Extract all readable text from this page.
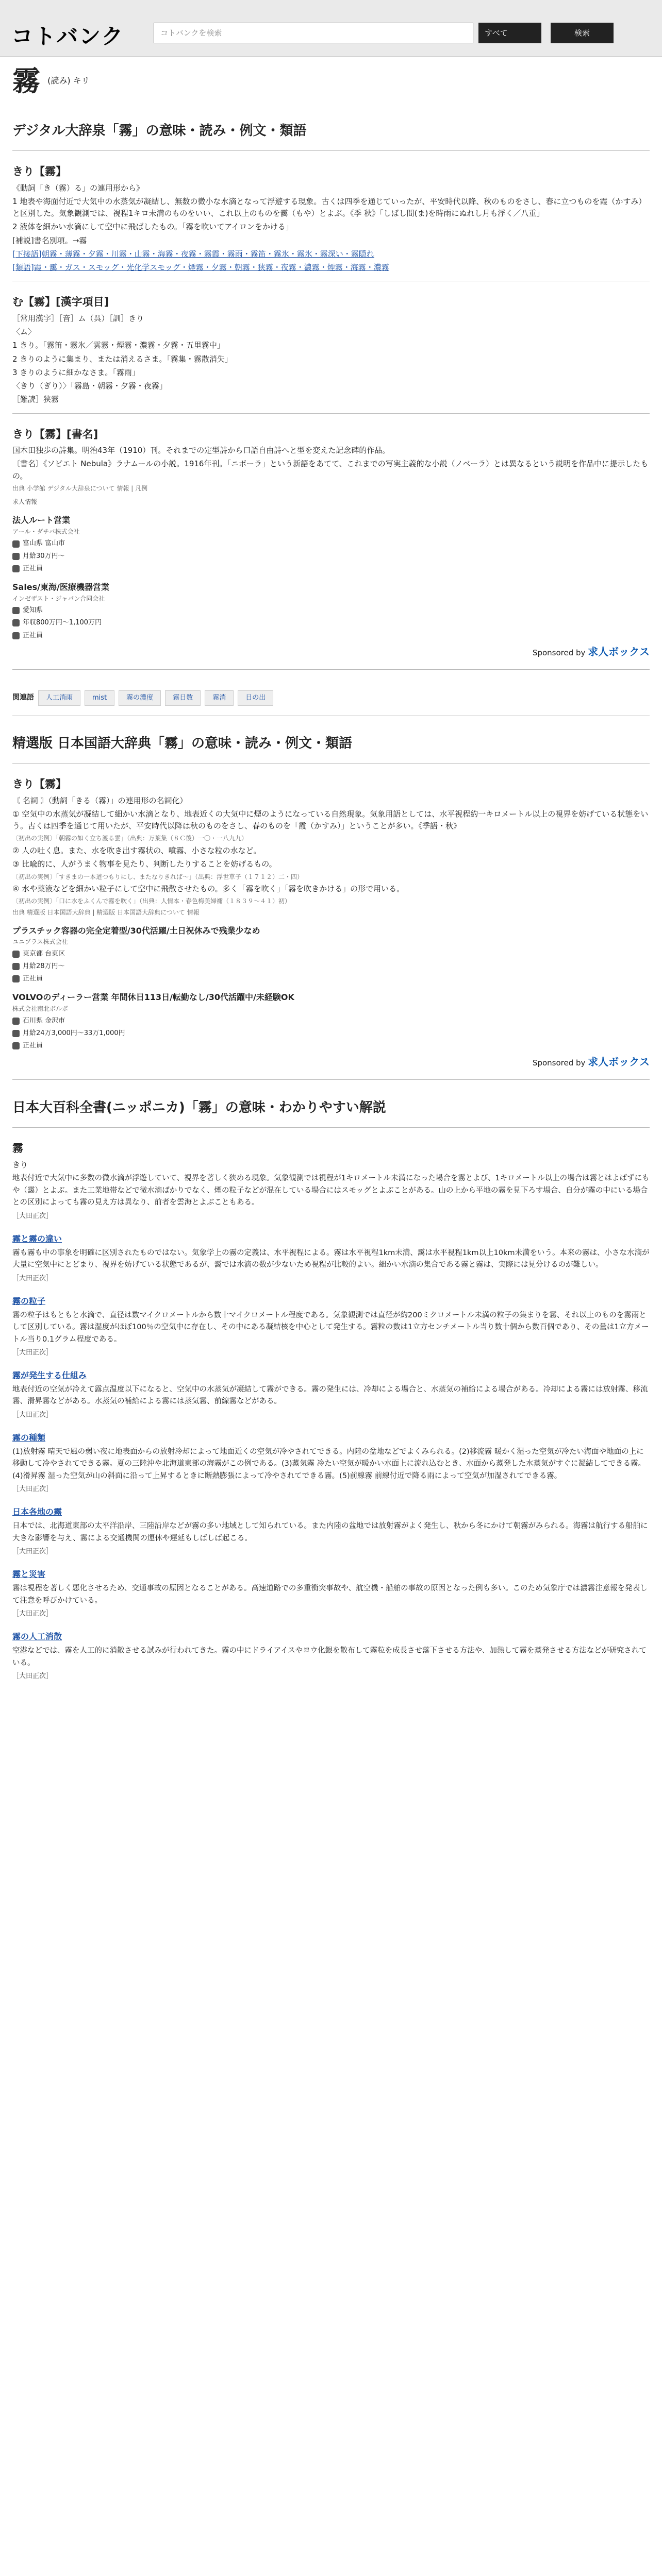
コトバンク	コトバンクを検索	すべて	検索
霧 (読み) キリ
デジタル大辞泉「霧」の意味・読み・例文・類語
きり【霧】

《動詞「き（霧）る」の連用形から》

1 地表や海面付近で大気中の水蒸気が凝結し、無数の微小な水滴となって浮遊する現象。古くは四季を通じていったが、平安時代以降、秋のものをさし、春に立つものを霞（かすみ）と区別した。気象観測では、視程1キロ未満のものをいい、これ以上のものを靄（もや）とよぶ。《季 秋》「しばし間(ま)を時雨にぬれし月も浮く／八重」

2 液体を細かい水滴にして空中に飛ばしたもの。「霧を吹いてアイロンをかける」

[補説]書名別項。→霧

[下接語]朝霧・薄霧・夕霧・川霧・山霧・海霧・夜霧・霧霞・霧雨・霧笛・霧氷・霧氷・霧深い・霧隠れ

[類語]霞・靄・ガス・スモッグ・光化学スモッグ・煙霧・夕霧・朝霧・狭霧・夜霧・濃霧・煙霧・海霧・濃霧

む【霧】[漢字項目]

［常用漢字］［音］ム（呉）［訓］きり

〈ム〉

1 きり。「霧笛・霧氷／雲霧・煙霧・濃霧・夕霧・五里霧中」

2 きりのように集まり、または消えるさま。「霧集・霧散消失」

3 きりのように細かなさま。「霧雨」

〈きり（ぎり）〉「霧島・朝霧・夕霧・夜霧」

［難読］狭霧

きり【霧】[書名]

国木田独歩の詩集。明治43年（1910）刊。それまでの定型詩から口語自由詩へと型を変えた記念碑的作品。

〔書名〕《ソビエト Nebula》ラナムールの小説。1916年刊。「ニボーラ」という新語をあてて、これまでの写実主義的な小説（ノベーラ）とは異なるという説明を作品中に提示したもの。

出典 小学館 デジタル大辞泉について 情報 | 凡例

求人情報
法人ルート営業
アール・ダチバ株式会社
富山県 富山市
月給30万円〜
正社員
Sales/東海/医療機器営業
インゼザスト・ジャパン合同会社
愛知県
年収800万円〜1,100万円
正社員
Sponsored by 求人ボックス
関連語	人工消雨	mist	霧の濃度	霧日数	霧消	日の出
精選版 日本国語大辞典「霧」の意味・読み・例文・類語
きり【霧】

〘 名詞 〙（動詞「きる（霧）」の連用形の名詞化）

① 空気中の水蒸気が凝結して細かい水滴となり、地表近くの大気中に煙のようになっている自然現象。気象用語としては、水平視程約一キロメートル以上の視界を妨げている状態をいう。古くは四季を通じて用いたが、平安時代以降は秋のものをさし、春のものを「霞（かすみ）」ということが多い。《季語・秋》

〔初出の実例〕「朝霧の如く立ち渡る雲」（出典：万葉集（８Ｃ後）一〇・一八九九）

② 人の吐く息。また、水を吹き出す霧状の、噴霧、小さな粒の水など。

③ 比喩的に、人がうまく物事を見たり、判断したりすることを妨げるもの。

〔初出の実例〕「すきまの一本道つもりにし、またなりきれば〜」（出典：浮世草子（１７１２）二・四）

④ 水や薬液などを細かい粒子にして空中に飛散させたもの。多く「霧を吹く」「霧を吹きかける」の形で用いる。

〔初出の実例〕「口に水をふくんで霧を吹く」（出典：人情本・春色梅美婦禰（１８３９〜４１）初）

出典 精選版 日本国語大辞典 | 精選版 日本国語大辞典について 情報

プラスチック容器の完全定着型/30代活躍/土日祝休みで残業少なめ
ユニプラス株式会社
東京都 台東区
月給28万円〜
正社員
VOLVOのディーラー営業 年間休日113日/転勤なし/30代活躍中/未経験OK
株式会社南北ボルボ
石川県 金沢市
月給24万3,000円〜33万1,000円
正社員
Sponsored by 求人ボックス
日本大百科全書(ニッポニカ)「霧」の意味・わかりやすい解説
霧

きり

地表付近で大気中に多数の微水滴が浮遊していて、視界を著しく狭める現象。気象観測では視程が1キロメートル未満になった場合を霧とよび、1キロメートル以上の場合は霧とはよばずにもや（靄）とよぶ。また工業地帯などで微水滴ばかりでなく、煙の粒子などが混在している場合にはスモッグとよぶことがある。山の上から平地の霧を見下ろす場合、自分が霧の中にいる場合との区別によっても霧の見え方は異なり、前者を雲海とよぶこともある。

［大田正次］

霧と霧の違い

霧も霧も中の事象を明確に区別されたものではない。気象学上の霧の定義は、水平視程による。霧は水平視程1km未満、靄は水平視程1km以上10km未満をいう。本来の霧は、小さな水滴が大量に空気中にとどまり、視界を妨げている状態であるが、靄では水滴の数が少ないため視程が比較的よい。細かい水滴の集合である霧と霧は、実際には見分けるのが難しい。

［大田正次］

霧の粒子

霧の粒子はもともと水滴で、直径は数マイクロメートルから数十マイクロメートル程度である。気象観測では直径が約200ミクロメートル未満の粒子の集まりを霧、それ以上のものを霧雨として区別している。霧は湿度がほぼ100％の空気中に存在し、その中にある凝結核を中心として発生する。霧粒の数は1立方センチメートル当り数十個から数百個であり、その量は1立方メートル当り0.1グラム程度である。

［大田正次］

霧が発生する仕組み

地表付近の空気が冷えて露点温度以下になると、空気中の水蒸気が凝結して霧ができる。霧の発生には、冷却による場合と、水蒸気の補給による場合がある。冷却による霧には放射霧、移流霧、滑昇霧などがある。水蒸気の補給による霧には蒸気霧、前線霧などがある。

［大田正次］

霧の種類

(1)放射霧 晴天で風の弱い夜に地表面からの放射冷却によって地面近くの空気が冷やされてできる。内陸の盆地などでよくみられる。(2)移流霧 暖かく湿った空気が冷たい海面や地面の上に移動して冷やされてできる霧。夏の三陸沖や北海道東部の海霧がこの例である。(3)蒸気霧 冷たい空気が暖かい水面上に流れ込むとき、水面から蒸発した水蒸気がすぐに凝結してできる霧。(4)滑昇霧 湿った空気が山の斜面に沿って上昇するときに断熱膨張によって冷やされてできる霧。(5)前線霧 前線付近で降る雨によって空気が加湿されてできる霧。

［大田正次］

日本各地の霧

日本では、北海道東部の太平洋沿岸、三陸沿岸などが霧の多い地域として知られている。また内陸の盆地では放射霧がよく発生し、秋から冬にかけて朝霧がみられる。海霧は航行する船舶に大きな影響を与え、霧による交通機関の運休や遅延もしばしば起こる。

［大田正次］

霧と災害

霧は視程を著しく悪化させるため、交通事故の原因となることがある。高速道路での多重衝突事故や、航空機・船舶の事故の原因となった例も多い。このため気象庁では濃霧注意報を発表して注意を呼びかけている。

［大田正次］

霧の人工消散

空港などでは、霧を人工的に消散させる試みが行われてきた。霧の中にドライアイスやヨウ化銀を散布して霧粒を成長させ落下させる方法や、加熱して霧を蒸発させる方法などが研究されている。

［大田正次］
